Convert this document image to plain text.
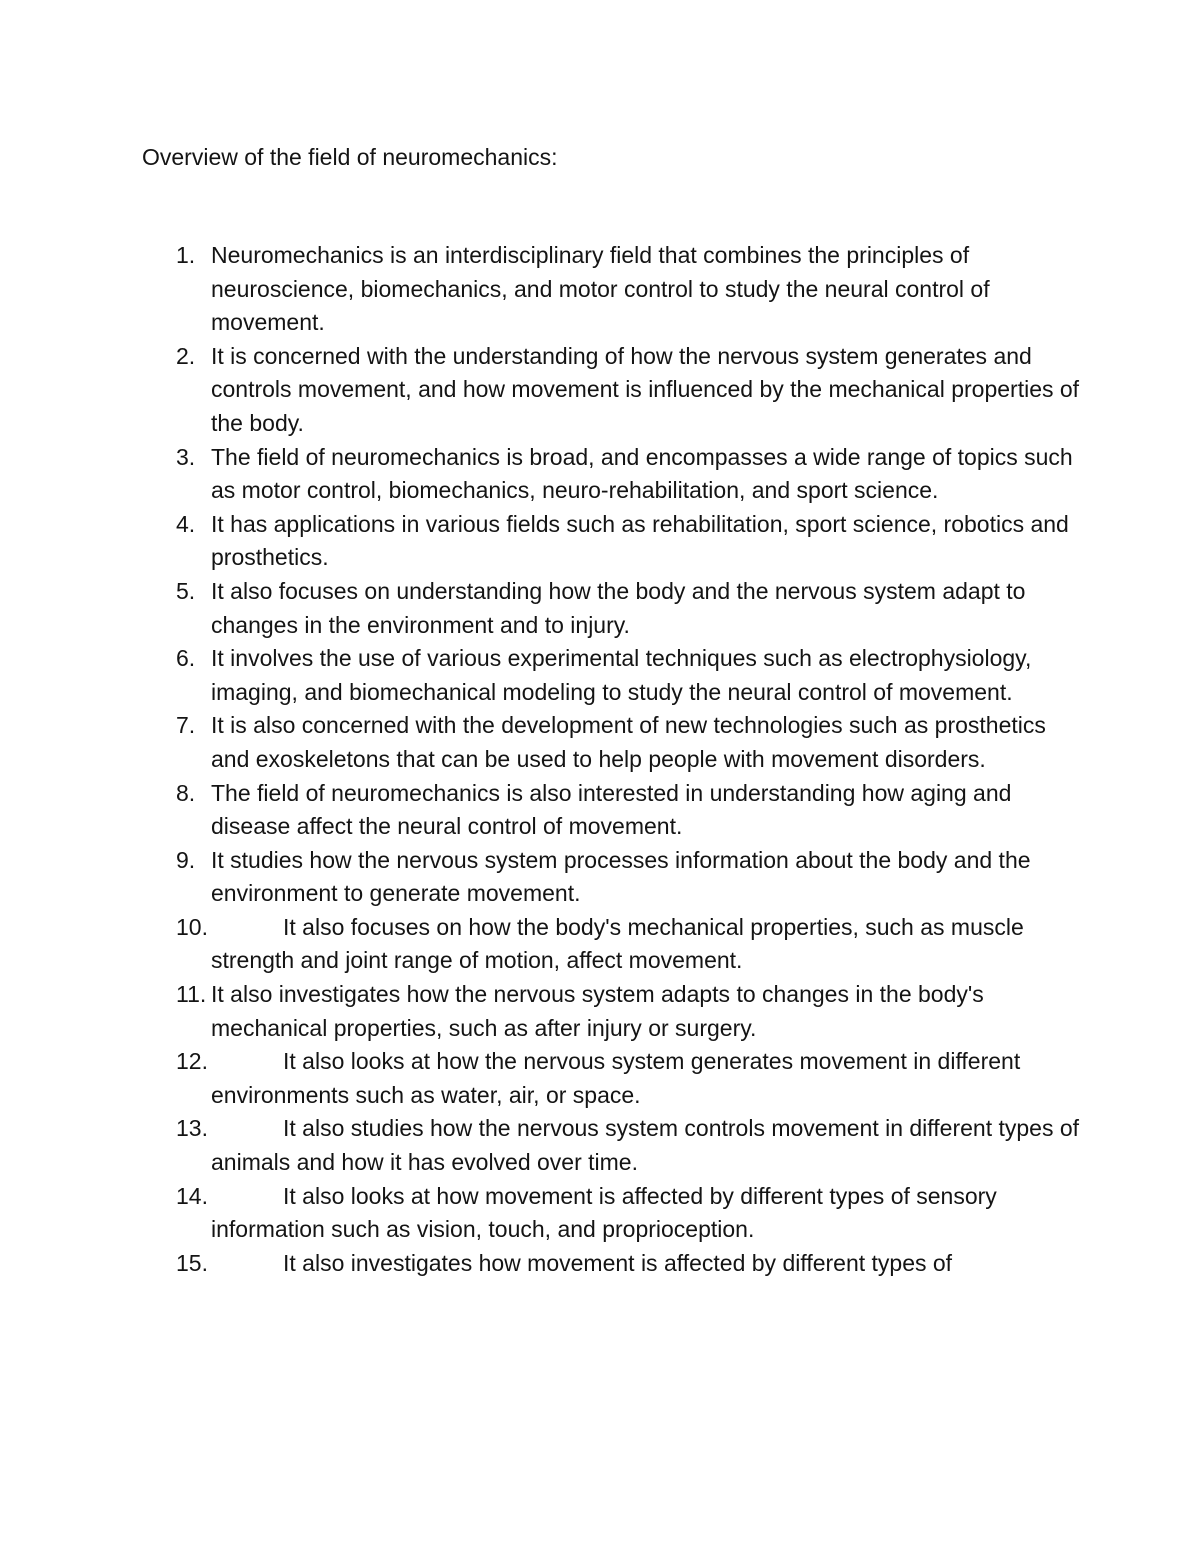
Overview of the field of neuromechanics:
1. Neuromechanics is an interdisciplinary field that combines the principles of neuroscience, biomechanics, and motor control to study the neural control of movement.
2. It is concerned with the understanding of how the nervous system generates and controls movement, and how movement is influenced by the mechanical properties of the body.
3. The field of neuromechanics is broad, and encompasses a wide range of topics such as motor control, biomechanics, neuro-rehabilitation, and sport science.
4. It has applications in various fields such as rehabilitation, sport science, robotics and prosthetics.
5. It also focuses on understanding how the body and the nervous system adapt to changes in the environment and to injury.
6. It involves the use of various experimental techniques such as electrophysiology, imaging, and biomechanical modeling to study the neural control of movement.
7. It is also concerned with the development of new technologies such as prosthetics and exoskeletons that can be used to help people with movement disorders.
8. The field of neuromechanics is also interested in understanding how aging and disease affect the neural control of movement.
9. It studies how the nervous system processes information about the body and the environment to generate movement.
10.	It also focuses on how the body's mechanical properties, such as muscle strength and joint range of motion, affect movement.
11. It also investigates how the nervous system adapts to changes in the body's mechanical properties, such as after injury or surgery.
12.	It also looks at how the nervous system generates movement in different environments such as water, air, or space.
13.	It also studies how the nervous system controls movement in different types of animals and how it has evolved over time.
14.	It also looks at how movement is affected by different types of sensory information such as vision, touch, and proprioception.
15.	It also investigates how movement is affected by different types of
